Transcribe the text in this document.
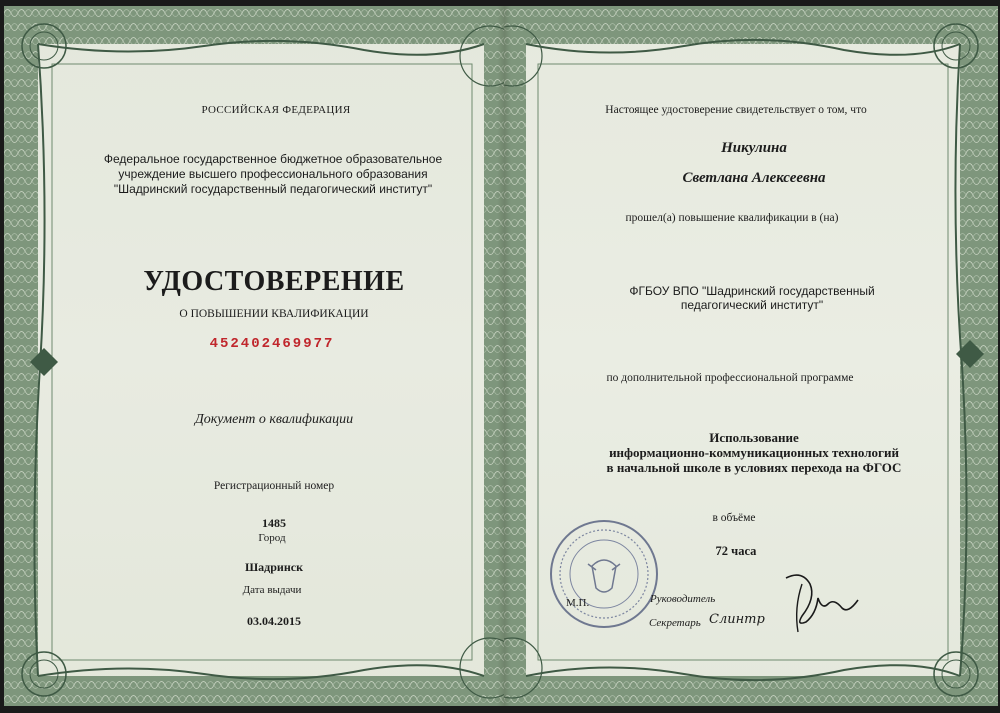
РОССИЙСКАЯ ФЕДЕРАЦИЯ
Федеральное государственное бюджетное образовательное
учреждение высшего профессионального образования
"Шадринский государственный педагогический институт"
УДОСТОВЕРЕНИЕ
О ПОВЫШЕНИИ КВАЛИФИКАЦИИ
452402469977
Документ о квалификации
Регистрационный номер
1485
Город
Шадринск
Дата выдачи
03.04.2015
Настоящее удостоверение свидетельствует о том, что
Никулина
Светлана Алексеевна
прошел(а) повышение квалификации в (на)
ФГБОУ ВПО "Шадринский государственный
педагогический институт"
по дополнительной профессиональной программе
Использование
информационно-коммуникационных технологий
в начальной школе в условиях перехода на ФГОС
в объёме
72 часа
М.П.	Руководитель
Секретарь Слинтр
